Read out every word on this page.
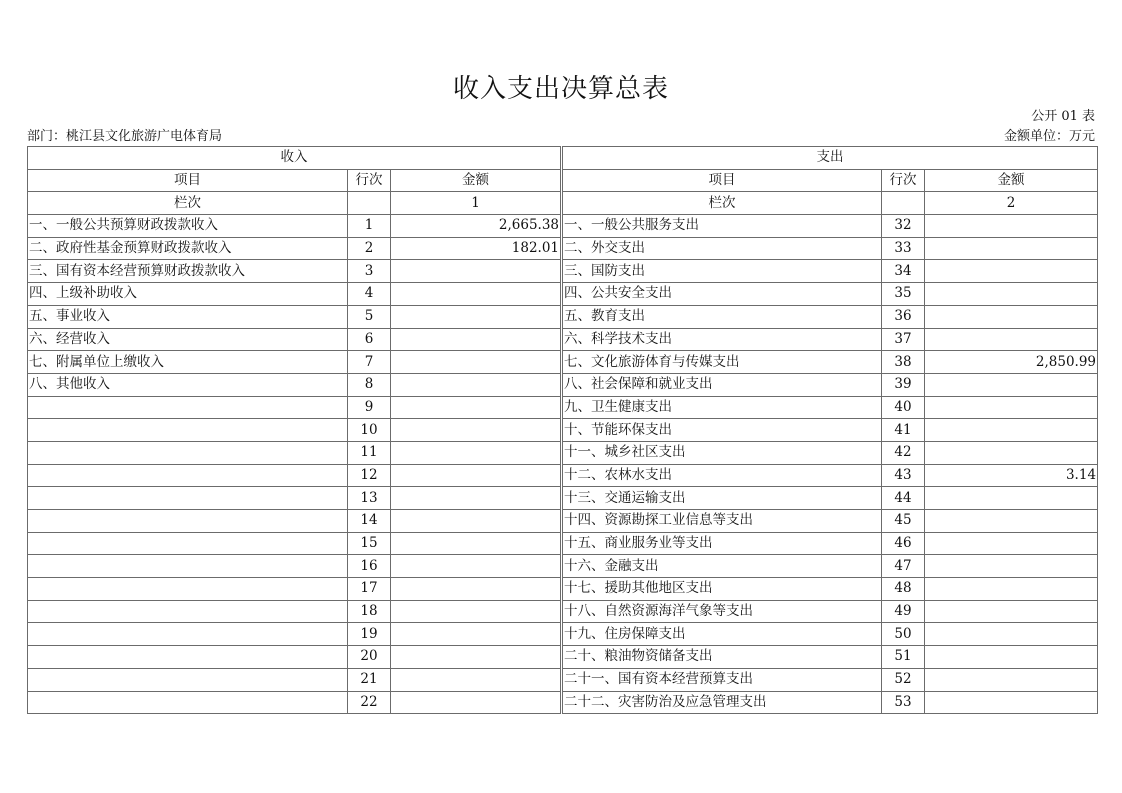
收入支出决算总表
公开 01 表
部门：桃江县文化旅游广电体育局	金额单位：万元
收入			支出		
项目	行次	金额	项目	行次	金额
栏次		1	栏次		2
一、一般公共预算财政拨款收入	1	2,665.38	一、一般公共服务支出	32	
二、政府性基金预算财政拨款收入	2	182.01	二、外交支出	33	
三、国有资本经营预算财政拨款收入	3		三、国防支出	34	
四、上级补助收入	4		四、公共安全支出	35	
五、事业收入	5		五、教育支出	36	
六、经营收入	6		六、科学技术支出	37	
七、附属单位上缴收入	7		七、文化旅游体育与传媒支出	38	2,850.99
八、其他收入	8		八、社会保障和就业支出	39	
	9		九、卫生健康支出	40	
	10		十、节能环保支出	41	
	11		十一、城乡社区支出	42	
	12		十二、农林水支出	43	3.14
	13		十三、交通运输支出	44	
	14		十四、资源勘探工业信息等支出	45	
	15		十五、商业服务业等支出	46	
	16		十六、金融支出	47	
	17		十七、援助其他地区支出	48	
	18		十八、自然资源海洋气象等支出	49	
	19		十九、住房保障支出	50	
	20		二十、粮油物资储备支出	51	
	21		二十一、国有资本经营预算支出	52	
	22		二十二、灾害防治及应急管理支出	53	
